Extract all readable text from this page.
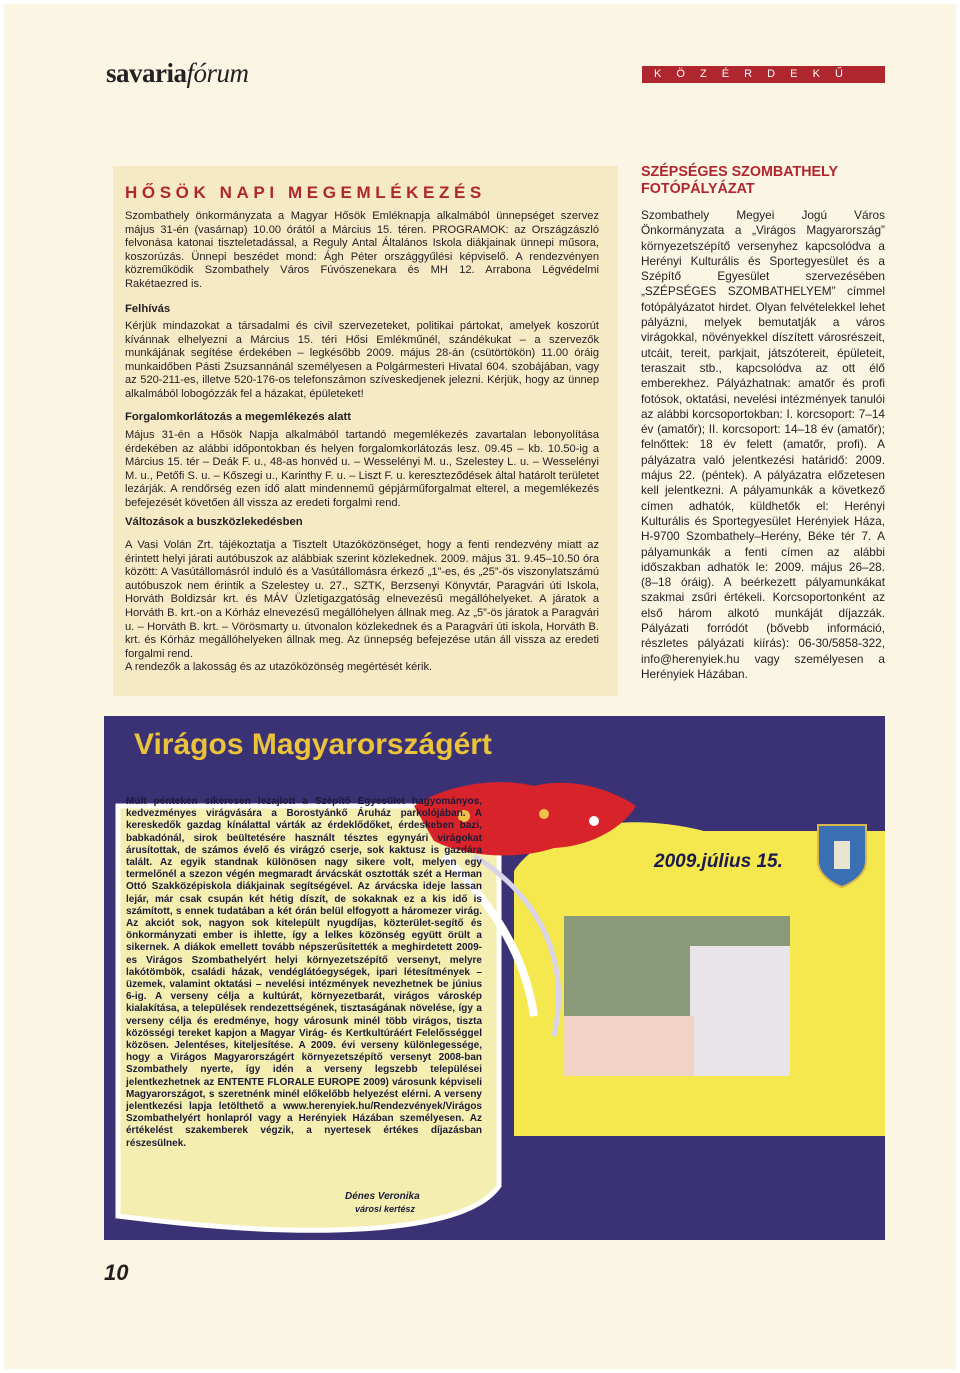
savariafórum	K Ö Z É R D E K Ű
HŐSÖK NAPI MEGEMLÉKEZÉS

Szombathely önkormányzata a Magyar Hősök Emléknapja alkalmából ünnepséget szervez május 31-én (vasárnap) 10.00 órától a Március 15. téren. PROGRAMOK: az Országzászló felvonása katonai tiszteletadással, a Reguly Antal Általános Iskola diákjainak ünnepi műsora, koszorúzás. Ünnepi beszédet mond: Ágh Péter országgyűlési képviselő. A rendezvényen közreműködik Szombathely Város Fúvószenekara és MH 12. Arrabona Légvédelmi Rakétaezred is.

Felhívás

Kérjük mindazokat a társadalmi és civil szervezeteket, politikai pártokat, amelyek koszorút kívánnak elhelyezni a Március 15. téri Hősi Emlékműnél, szándékukat – a szervezők munkájának segítése érdekében – legkésőbb 2009. május 28-án (csütörtökön) 11.00 óráig munkaidőben Pásti Zsuzsannánál személyesen a Polgármesteri Hivatal 604. szobájában, vagy az 520-211-es, illetve 520-176-os telefonszámon szíveskedjenek jelezni. Kérjük, hogy az ünnep alkalmából lobogózzák fel a házakat, épületeket!

Forgalomkorlátozás a megemlékezés alatt

Május 31-én a Hősök Napja alkalmából tartandó megemlékezés zavartalan lebonyolítása érdekében az alábbi időpontokban és helyen forgalomkorlátozás lesz. 09.45 – kb. 10.50-ig a Március 15. tér – Deák F. u., 48-as honvéd u. – Wesselényi M. u., Szelestey L. u. – Wesselényi M. u., Petőfi S. u. – Kőszegi u., Karinthy F. u. – Liszt F. u. kereszteződések által határolt területet lezárják. A rendőrség ezen idő alatt mindennemű gépjárműforgalmat elterel, a megemlékezés befejezését követően áll vissza az eredeti forgalmi rend.

Változások a buszközlekedésben

A Vasi Volán Zrt. tájékoztatja a Tisztelt Utazóközönséget, hogy a fenti rendezvény miatt az érintett helyi járati autóbuszok az alábbiak szerint közlekednek. 2009. május 31. 9.45–10.50 óra között: A Vasútállomásról induló és a Vasútállomásra érkező „1”-es, és „25”-ös viszonylatszámú autóbuszok nem érintik a Szelestey u. 27., SZTK, Berzsenyi Könyvtár, Paragvári úti Iskola, Horváth Boldizsár krt. és MÁV Üzletigazgatóság elnevezésű megállóhelyeket. A járatok a Horváth B. krt.-on a Kórház elnevezésű megállóhelyen állnak meg. Az „5”-ös járatok a Paragvári u. – Horváth B. krt. – Vörösmarty u. útvonalon közlekednek és a Paragvári úti iskola, Horváth B. krt. és Kórház megállóhelyeken állnak meg. Az ünnepség befejezése után áll vissza az eredeti forgalmi rend.

A rendezők a lakosság és az utazóközönség megértését kérik.

SZÉPSÉGES SZOMBATHELY
FOTÓPÁLYÁZAT

Szombathely Megyei Jogú Város Önkormányzata a „Virágos Magyarország” környezetszépítő versenyhez kapcsolódva a Herényi Kulturális és Sportegyesület és a Szépítő Egyesület szervezésében „SZÉPSÉGES SZOMBATHELYEM” címmel fotópályázatot hirdet. Olyan felvételekkel lehet pályázni, melyek bemutatják a város virágokkal, növényekkel díszített városrészeit, utcáit, tereit, parkjait, játszótereit, épületeit, teraszait stb., kapcsolódva az ott élő emberekhez. Pályázhatnak: amatőr és profi fotósok, oktatási, nevelési intézmények tanulói az alábbi korcsoportokban: I. korcsoport: 7–14 év (amatőr); II. korcsoport: 14–18 év (amatőr); felnőttek: 18 év felett (amatőr, profi). A pályázatra való jelentkezési határidő: 2009. május 22. (péntek). A pályázatra előzetesen kell jelentkezni. A pályamunkák a következő címen adhatók, küldhetők el: Herényi Kulturális és Sportegyesület Herényiek Háza, H-9700 Szombathely–Herény, Béke tér 7. A pályamunkák a fenti címen az alábbi időszakban adhatók le: 2009. május 26–28. (8–18 óráig). A beérkezett pályamunkákat szakmai zsűri értékeli. Korcsoportonként az első három alkotó munkáját díjazzák. Pályázati forródót (bővebb információ, részletes pályázati kiírás): 06-30/5858-322, info@herenyiek.hu vagy személyesen a Herényiek Házában.

Virágos Magyarországért
2009.július 15.

Múlt pénteken sikeresen lezajlott a Szépítő Egyesület hagyományos, kedvezményes virágvására a Borostyánkő Áruház parkolójában. A kereskedők gazdag kínálattal várták az érdeklődőket, érdeskeben bazi, babkadónál, sirok beültetésére használt tésztes egynyári virágokat árusítottak, de számos évelő és virágzó cserje, sok kaktusz is gazdára talált. Az egyik standnak különösen nagy sikere volt, melyen egy termelőnél a szezon végén megmaradt árvácskát osztották szét a Herman Ottó Szakközépiskola diákjainak segítségével. Az árvácska ideje lassan lejár, már csak csupán két hétig díszít, de sokaknak ez a kis idő is számított, s ennek tudatában a két órán belül elfogyott a háromezer virág. Az akciót sok, nagyon sok kitelepült nyugdíjas, közterület-segítő és önkormányzati ember is ihlette, így a lelkes közönség együtt örült a sikernek. A diákok emellett tovább népszerűsítették a meghirdetett 2009-es Virágos Szombathelyért helyi környezetszépítő versenyt, melyre lakótömbök, családi házak, vendéglátóegységek, ipari létesítmények – üzemek, valamint oktatási – nevelési intézmények nevezhetnek be június 6-ig. A verseny célja a kultúrát, környezetbarát, virágos városkép kialakítása, a települések rendezettségének, tisztaságának növelése, így a verseny célja és eredménye, hogy városunk minél több virágos, tiszta közösségi tereket kapjon a Magyar Virág- és Kertkultúráért Felelősséggel közösen. Jelentéses, kiteljesítése. A 2009. évi verseny különlegessége, hogy a Virágos Magyarországért környezetszépítő versenyt 2008-ban Szombathely nyerte, így idén a verseny legszebb települései jelentkezhetnek az ENTENTE FLORALE EUROPE 2009) városunk képviseli Magyarországot, s szeretnénk minél előkelőbb helyezést elérni. A verseny jelentkezési lapja letölthető a www.herenyiek.hu/Rendezvények/Virágos Szombathelyért honlapról vagy a Herényiek Házában személyesen. Az értékelést szakemberek végzik, a nyertesek értékes díjazásban részesülnek.

Dénes Veronika
városi kertész
10
